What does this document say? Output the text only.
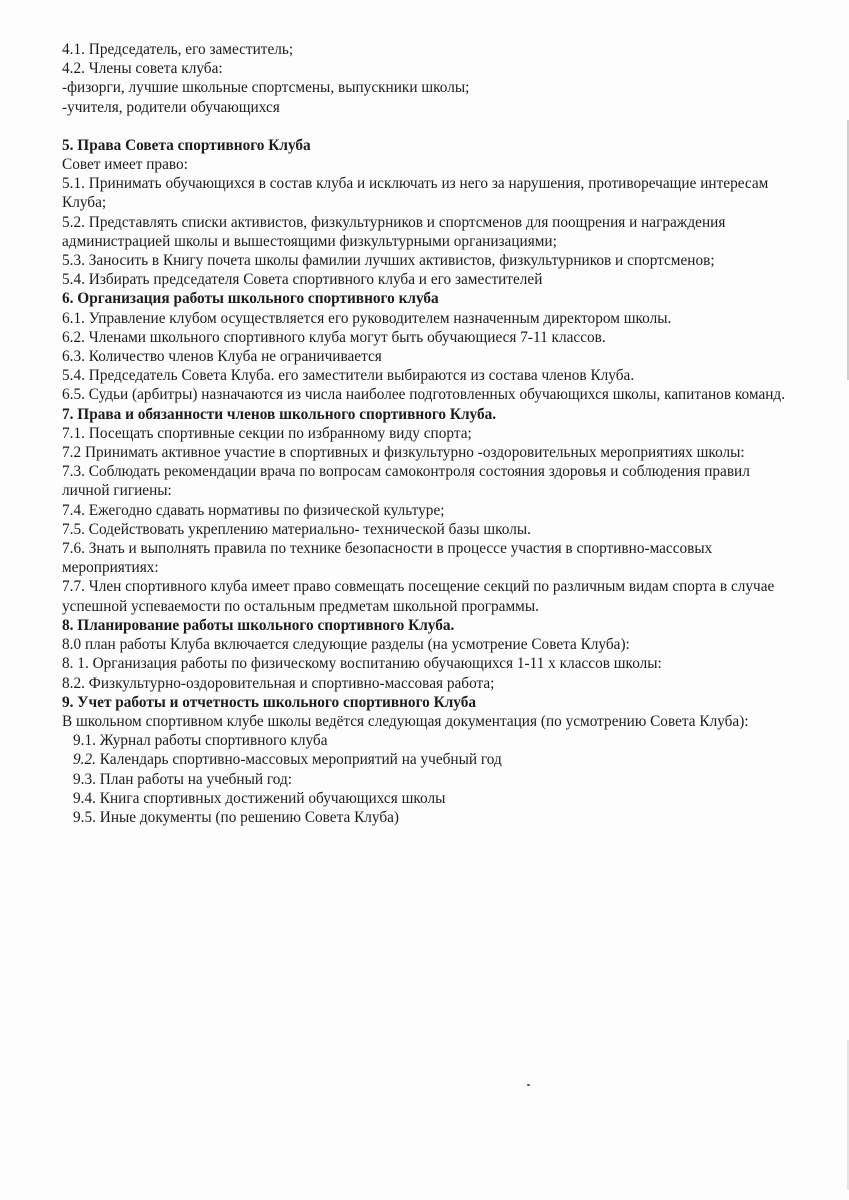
4.1. Председатель, его заместитель;

4.2. Члены совета клуба:

-физорги, лучшие школьные спортсмены, выпускники школы;

-учителя, родители обучающихся

5. Права Совета спортивного Клуба

Совет имеет право:

5.1. Принимать обучающихся в состав клуба и исключать из него за нарушения, противоречащие интересам Клуба;

5.2. Представлять списки активистов, физкультурников и спортсменов для поощрения и награждения администрацией школы и вышестоящими физкультурными организациями;

5.3. Заносить в Книгу почета школы фамилии лучших активистов, физкультурников и спортсменов;

5.4. Избирать председателя Совета спортивного клуба и его заместителей

6. Организация работы школьного спортивного клуба

6.1. Управление клубом осуществляется его руководителем назначенным директором школы.

6.2. Членами школьного спортивного клуба могут быть обучающиеся 7-11 классов.

6.3. Количество членов Клуба не ограничивается

5.4. Председатель Совета Клуба. его заместители выбираются из состава членов Клуба.

6.5. Судьи (арбитры) назначаются из числа наиболее подготовленных обучающихся школы, капитанов команд.

7. Права и обязанности членов школьного спортивного Клуба.

7.1. Посещать спортивные секции по избранному виду спорта;

7.2 Принимать активное участие в спортивных и физкультурно -оздоровительных мероприятиях школы:

7.3. Соблюдать рекомендации врача по вопросам самоконтроля состояния здоровья и соблюдения правил личной гигиены:

7.4. Ежегодно сдавать нормативы по физической культуре;

7.5. Содействовать укреплению материально- технической базы школы.

7.6. Знать и выполнять правила по технике безопасности в процессе участия в спортивно-массовых мероприятиях:

7.7. Член спортивного клуба имеет право совмещать посещение секций по различным видам спорта в случае успешной успеваемости по остальным предметам школьной программы.

8. Планирование работы школьного спортивного Клуба.

8.0 план работы Клуба включается следующие разделы (на усмотрение Совета Клуба):

8. 1. Организация работы по физическому воспитанию обучающихся 1-11 х классов школы:

8.2. Физкультурно-оздоровительная и спортивно-массовая работа;

9. Учет работы и отчетность школьного спортивного Клуба

В школьном спортивном клубе школы ведётся следующая документация (по усмотрению Совета Клуба):

9.1. Журнал работы спортивного клуба

9.2. Календарь спортивно-массовых мероприятий на учебный год

9.3. План работы на учебный год:

9.4. Книга спортивных достижений обучающихся школы

9.5. Иные документы (по решению Совета Клуба)
